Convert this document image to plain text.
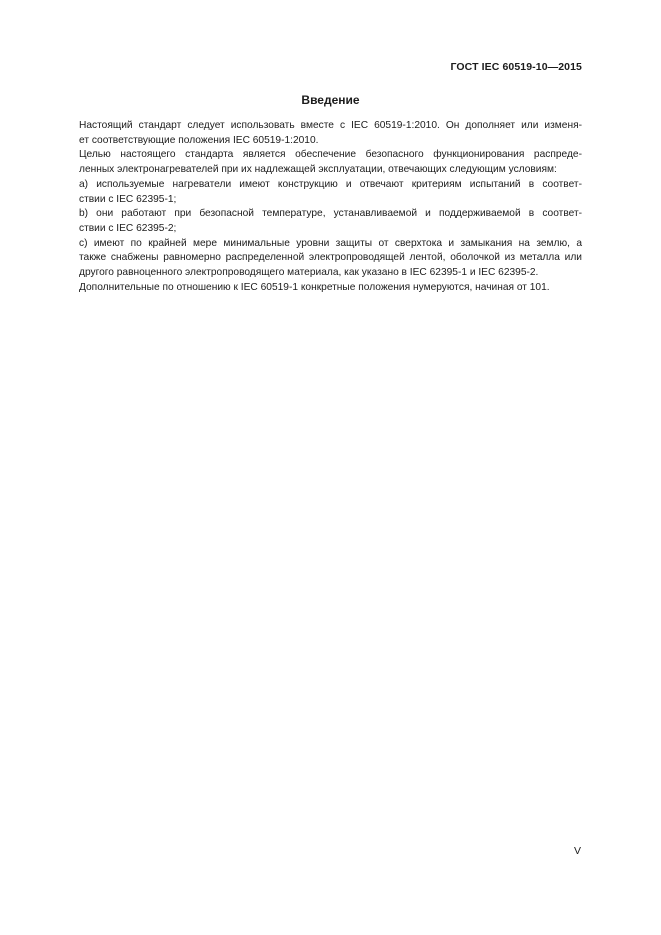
ГОСТ IEC 60519-10—2015
Введение

Настоящий стандарт следует использовать вместе с IEC 60519-1:2010. Он дополняет или изменя-
ет соответствующие положения IEC 60519-1:2010.

Целью настоящего стандарта является обеспечение безопасного функционирования распреде-
ленных электронагревателей при их надлежащей эксплуатации, отвечающих следующим условиям:

a) используемые нагреватели имеют конструкцию и отвечают критериям испытаний в соответ-
ствии с IEC 62395-1;

b) они работают при безопасной температуре, устанавливаемой и поддерживаемой в соответ-
ствии с IEC 62395-2;

c) имеют по крайней мере минимальные уровни защиты от сверхтока и замыкания на землю, а
также снабжены равномерно распределенной электропроводящей лентой, оболочкой из металла или
другого равноценного электропроводящего материала, как указано в IEC 62395-1 и IEC 62395-2.

Дополнительные по отношению к IEC 60519-1 конкретные положения нумеруются, начиная от 101.

V
